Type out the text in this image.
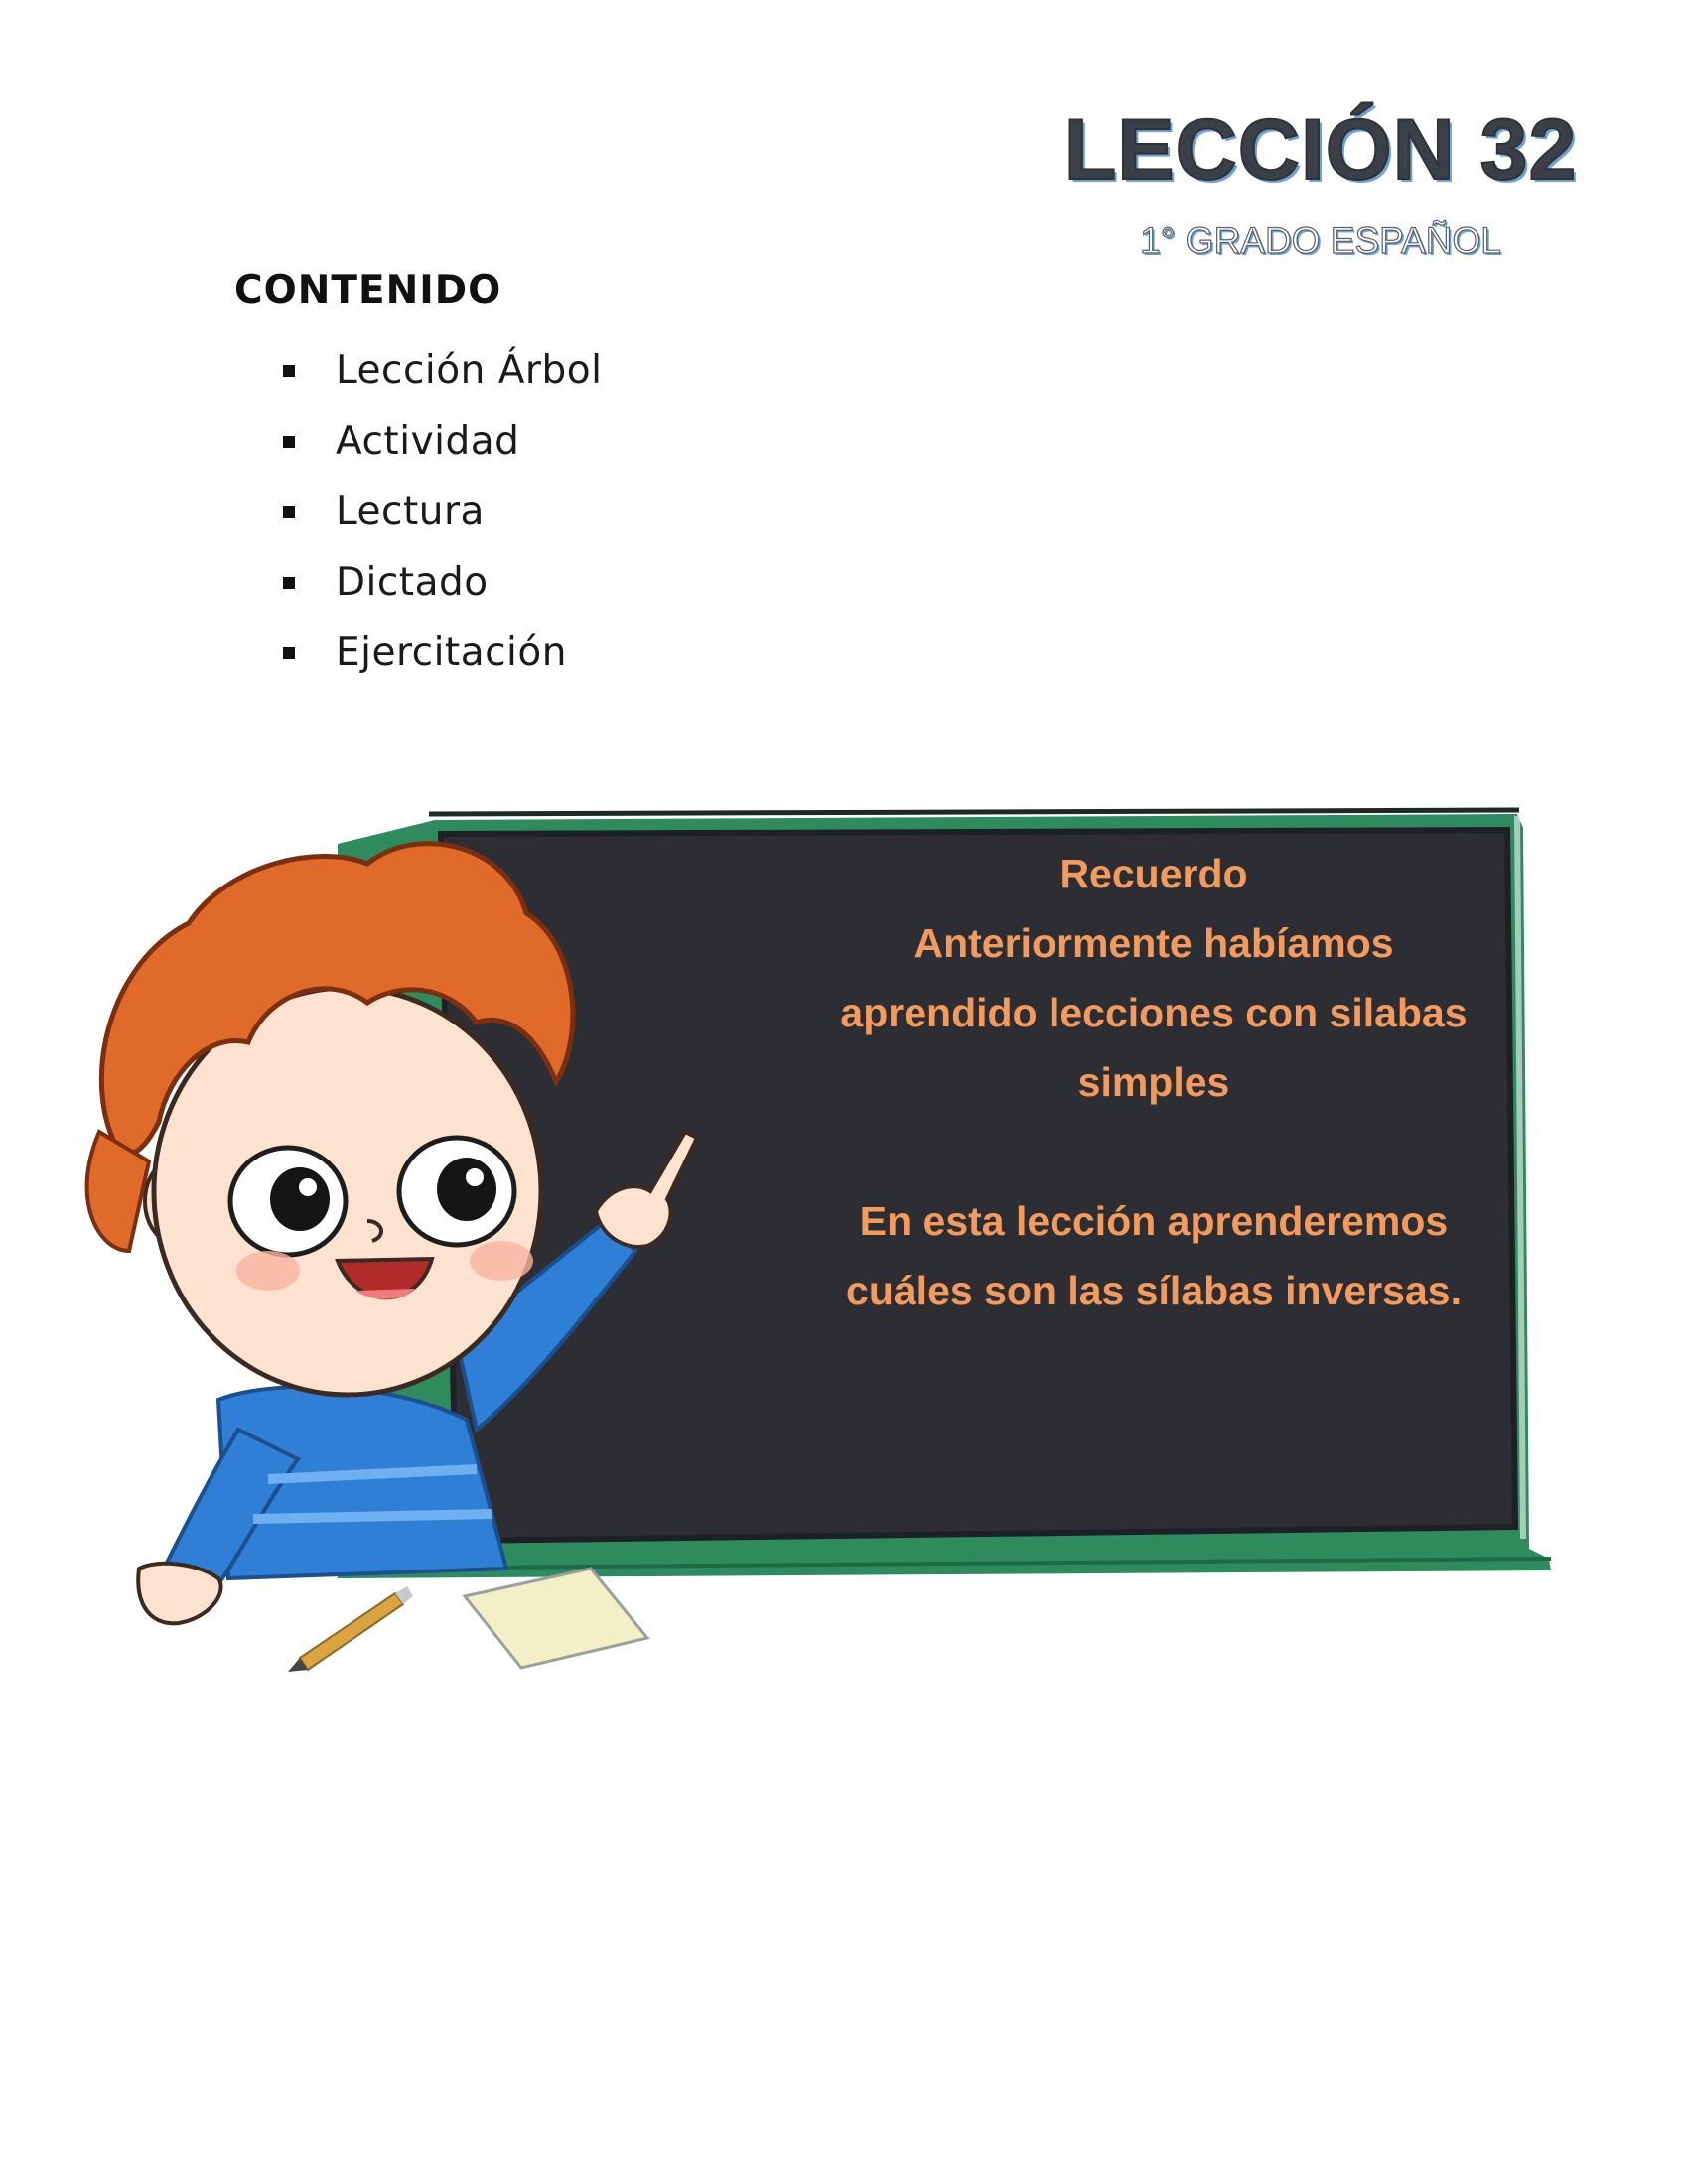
LECCIÓN 32
1° GRADO ESPAÑOL
CONTENIDO
Lección Árbol
Actividad
Lectura
Dictado
Ejercitación
Recuerdo
Anteriormente habíamos
aprendido lecciones con silabas
simples
En esta lección aprenderemos
cuáles son las sílabas inversas.
